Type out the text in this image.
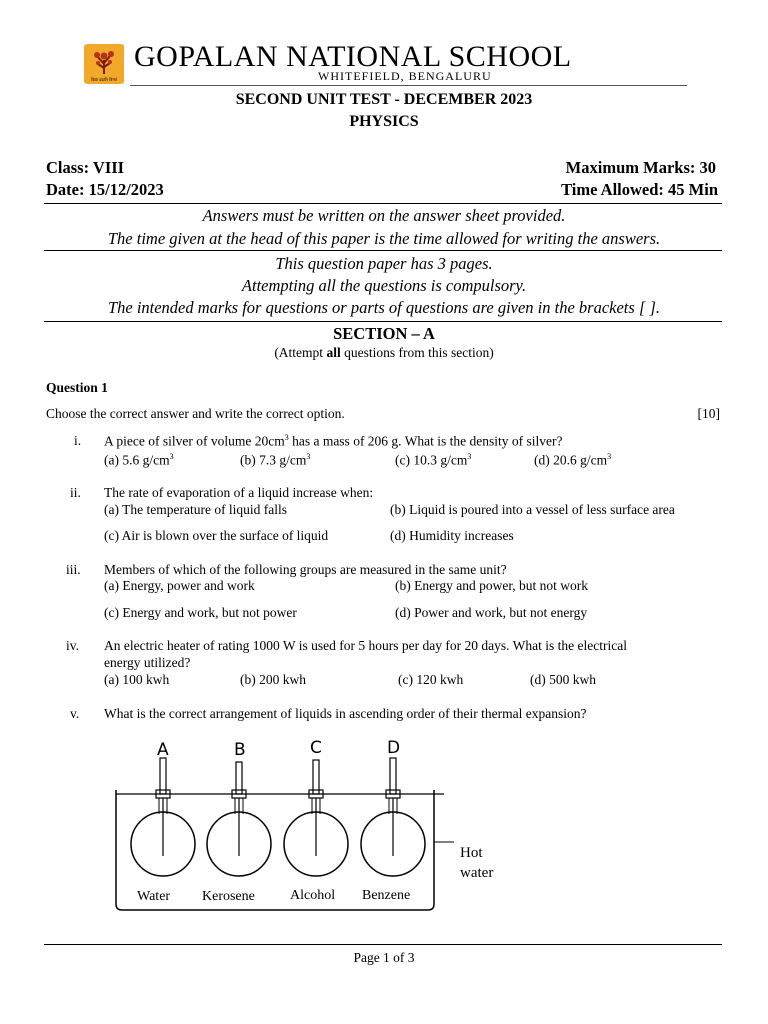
विद्या ददाति विनयं
GOPALAN NATIONAL SCHOOL
WHITEFIELD, BENGALURU
SECOND UNIT TEST - DECEMBER 2023
PHYSICS
Class: VIII
Date: 15/12/2023
Maximum Marks: 30
Time Allowed: 45 Min
Answers must be written on the answer sheet provided.
The time given at the head of this paper is the time allowed for writing the answers.
This question paper has 3 pages.
Attempting all the questions is compulsory.
The intended marks for questions or parts of questions are given in the brackets [ ].
SECTION – A
(Attempt all questions from this section)
Question 1
Choose the correct answer and write the correct option.	[10]
i. A piece of silver of volume $20cm^3$ has a mass of 206 g. What is the density of silver?
(a) 5.6 $g/cm^3$	(b) 7.3 $g/cm^3$	(c) 10.3 $g/cm^3$	(d) 20.6 $g/cm^3$
ii. The rate of evaporation of a liquid increase when:
(a) The temperature of liquid falls	(b) Liquid is poured into a vessel of less surface area
(c) Air is blown over the surface of liquid	(d) Humidity increases
iii. Members of which of the following groups are measured in the same unit?
(a) Energy, power and work	(b) Energy and power, but not work
(c) Energy and work, but not power	(d) Power and work, but not energy
iv. An electric heater of rating 1000 W is used for 5 hours per day for 20 days. What is the electrical
energy utilized?
(a) 100 kwh	(b) 200 kwh	(c) 120 kwh	(d) 500 kwh
v. What is the correct arrangement of liquids in ascending order of their thermal expansion?
A	B	C	D
Water Kerosene	Alcohol Benzene
Hot
water
Page 1 of 3
